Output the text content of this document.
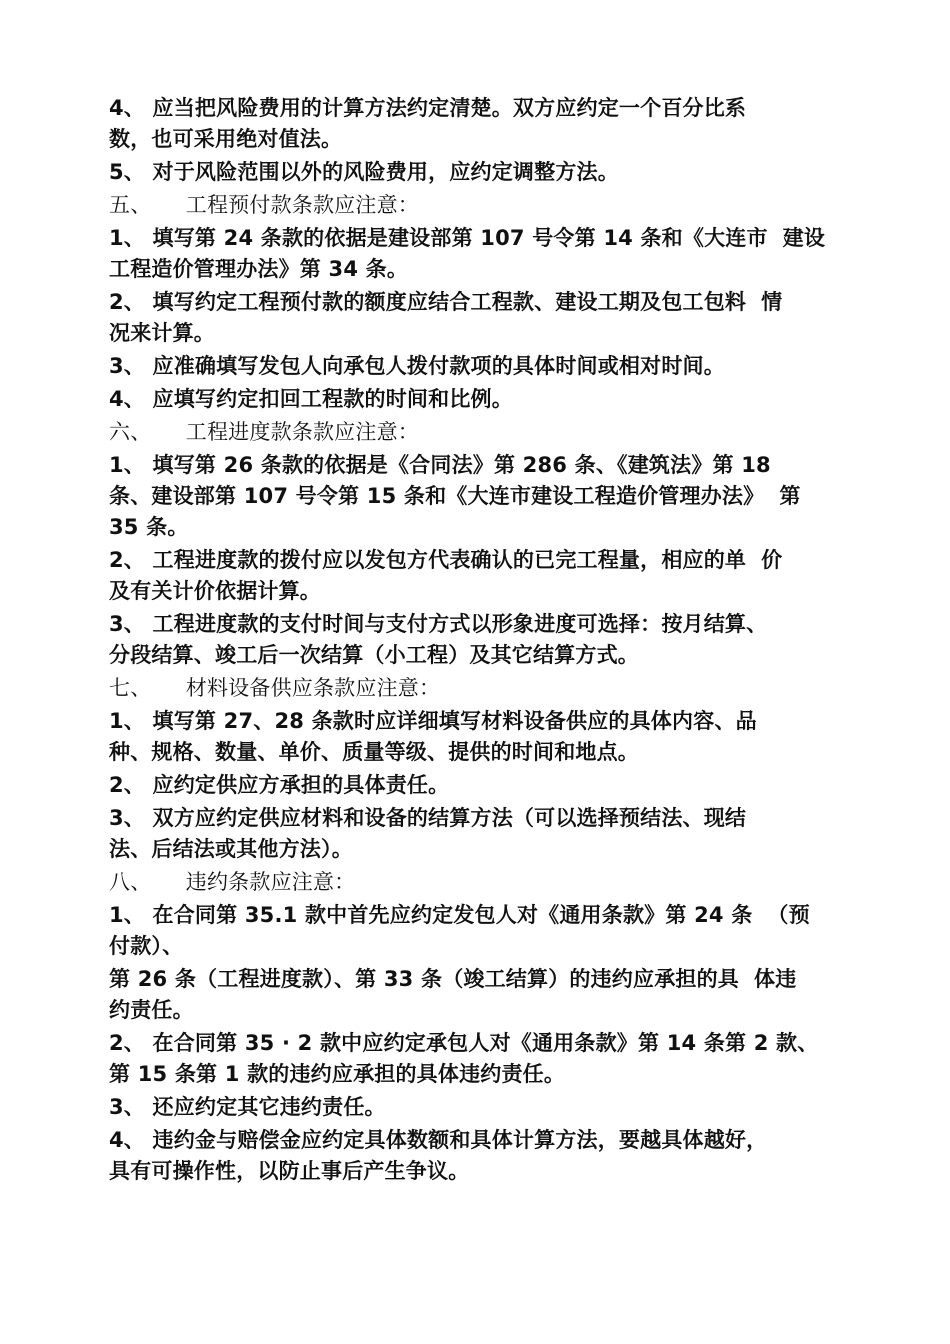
4、 应当把风险费用的计算方法约定清楚。双方应约定一个百分比系
数，也可采用绝对值法。
5、 对于风险范围以外的风险费用，应约定调整方法。
五、     工程预付款条款应注意：
1、 填写第 24 条款的依据是建设部第 107 号令第 14 条和《大连市  建设
工程造价管理办法》第 34 条。
2、 填写约定工程预付款的额度应结合工程款、建设工期及包工包料  情
况来计算。
3、 应准确填写发包人向承包人拨付款项的具体时间或相对时间。
4、 应填写约定扣回工程款的时间和比例。
六、     工程进度款条款应注意：
1、 填写第 26 条款的依据是《合同法》第 286 条、《建筑法》第 18
条、建设部第 107 号令第 15 条和《大连市建设工程造价管理办法》  第
35 条。
2、 工程进度款的拨付应以发包方代表确认的已完工程量，相应的单  价
及有关计价依据计算。
3、 工程进度款的支付时间与支付方式以形象进度可选择：按月结算、
分段结算、竣工后一次结算（小工程）及其它结算方式。
七、     材料设备供应条款应注意：
1、 填写第 27、28 条款时应详细填写材料设备供应的具体内容、品
种、规格、数量、单价、质量等级、提供的时间和地点。
2、 应约定供应方承担的具体责任。
3、 双方应约定供应材料和设备的结算方法（可以选择预结法、现结
法、后结法或其他方法）。
八、     违约条款应注意：
1、 在合同第 35.1 款中首先应约定发包人对《通用条款》第 24 条  （预
付款）、
第 26 条（工程进度款）、第 33 条（竣工结算）的违约应承担的具  体违
约责任。
2、 在合同第 35 · 2 款中应约定承包人对《通用条款》第 14 条第 2 款、
第 15 条第 1 款的违约应承担的具体违约责任。
3、 还应约定其它违约责任。
4、 违约金与赔偿金应约定具体数额和具体计算方法，要越具体越好，
具有可操作性，以防止事后产生争议。
